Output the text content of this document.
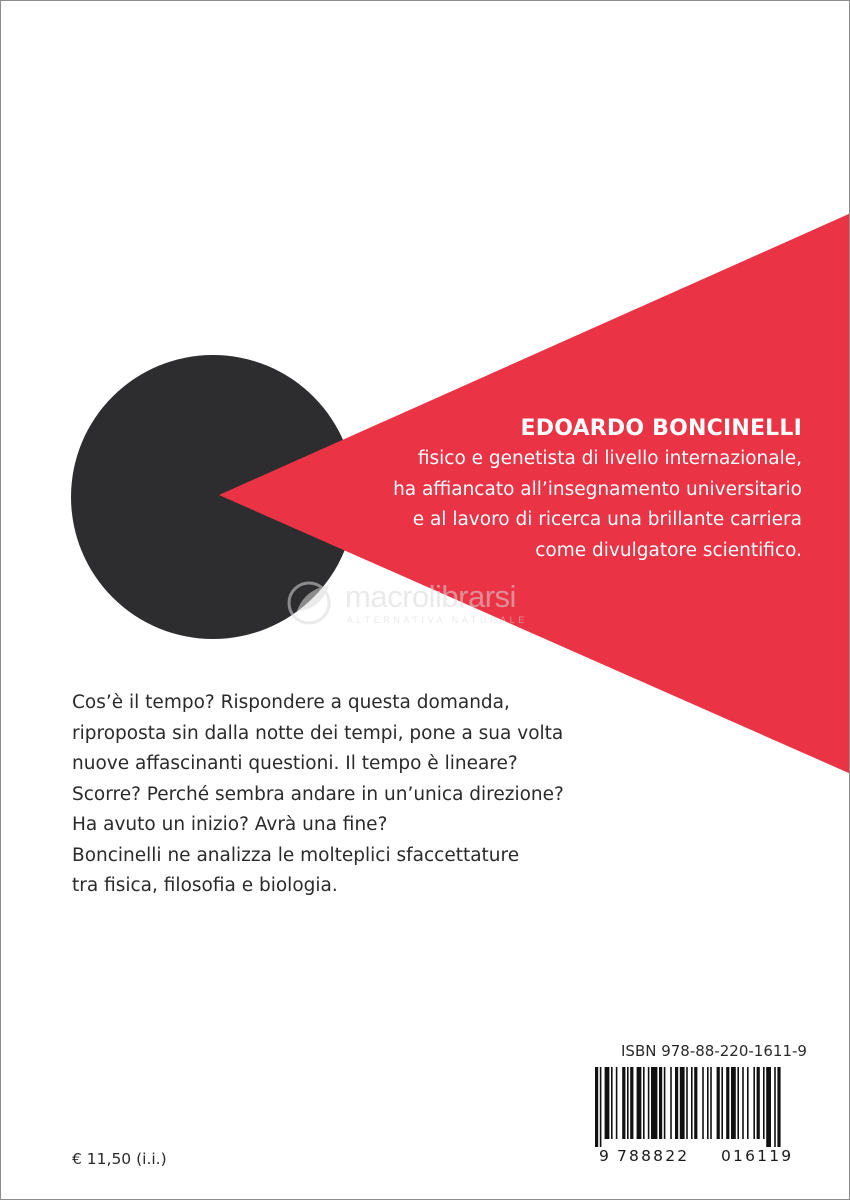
EDOARDO BONCINELLI
fisico e genetista di livello internazionale,
ha affiancato all’insegnamento universitario
e al lavoro di ricerca una brillante carriera
come divulgatore scientifico.
macrolibrarsi
ALTERNATIVA NATURALE
Cos’è il tempo? Rispondere a questa domanda,
riproposta sin dalla notte dei tempi, pone a sua volta
nuove affascinanti questioni. Il tempo è lineare?
Scorre? Perché sembra andare in un’unica direzione?
Ha avuto un inizio? Avrà una fine?
Boncinelli ne analizza le molteplici sfaccettature
tra fisica, filosofia e biologia.
ISBN 978-88-220-1611-9
9 788822 016119
€ 11,50 (i.i.)
